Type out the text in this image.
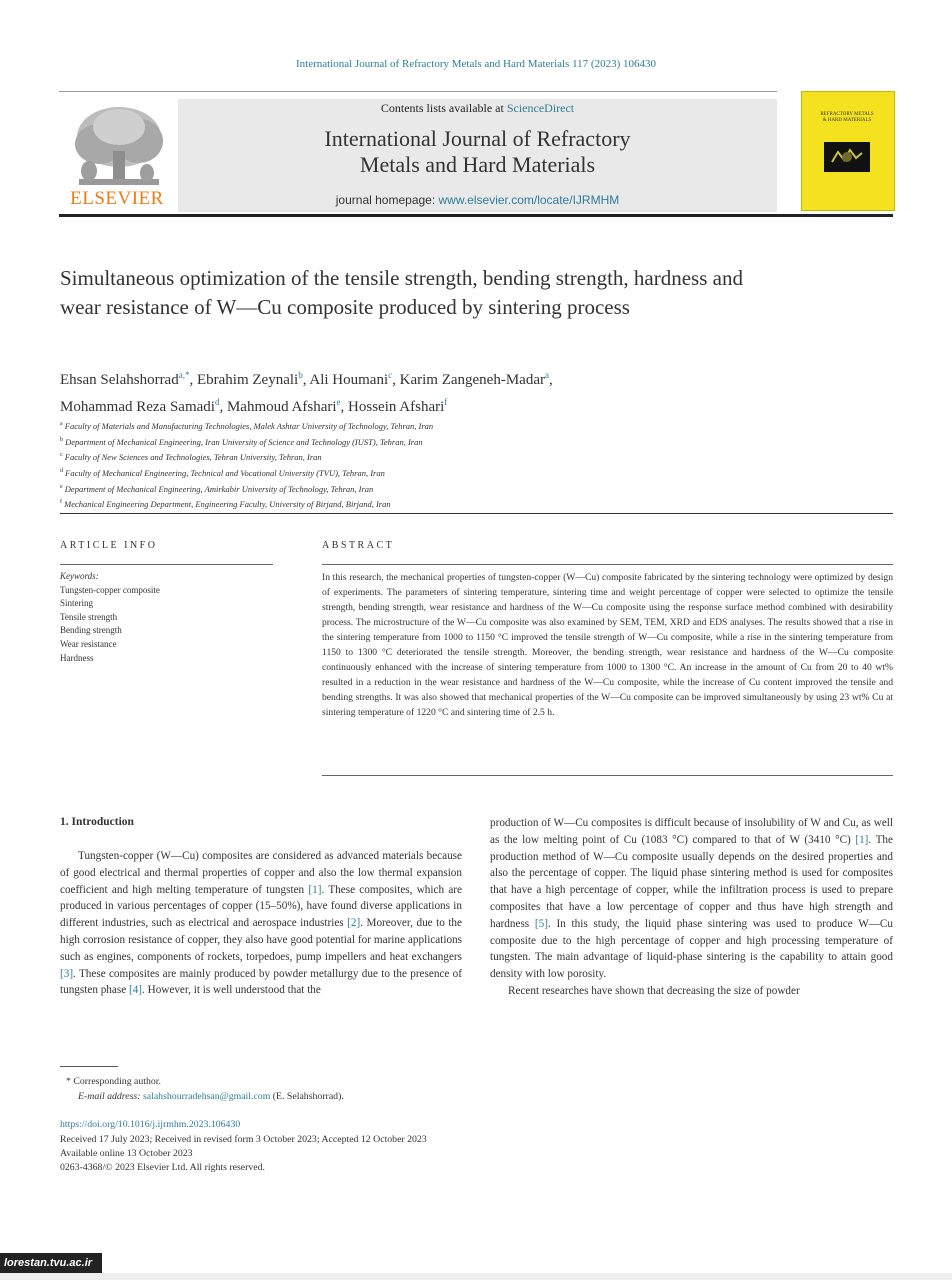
International Journal of Refractory Metals and Hard Materials 117 (2023) 106430
ELSEVIER
Contents lists available at ScienceDirect
International Journal of Refractory
Metals and Hard Materials
journal homepage: www.elsevier.com/locate/IJRMHM
REFRACTORY METALS
& HARD MATERIALS
Simultaneous optimization of the tensile strength, bending strength, hardness and wear resistance of W—Cu composite produced by sintering process
Ehsan Selahshorrad$^{a,*}$, Ebrahim Zeynali$^b$, Ali Houmani$^c$, Karim Zangeneh-Madar$^a$,
Mohammad Reza Samadi$^d$, Mahmoud Afshari$^e$, Hossein Afshari$^f$
$^a$ Faculty of Materials and Manufacturing Technologies, Malek Ashtar University of Technology, Tehran, Iran
$^b$ Department of Mechanical Engineering, Iran University of Science and Technology (IUST), Tehran, Iran
$^c$ Faculty of New Sciences and Technologies, Tehran University, Tehran, Iran
$^d$ Faculty of Mechanical Engineering, Technical and Vocational University (TVU), Tehran, Iran
$^e$ Department of Mechanical Engineering, Amirkabir University of Technology, Tehran, Iran
$^f$ Mechanical Engineering Department, Engineering Faculty, University of Birjand, Birjand, Iran
ARTICLE INFO	ABSTRACT
Keywords:
Tungsten-copper composite
Sintering
Tensile strength
Bending strength
Wear resistance
Hardness
In this research, the mechanical properties of tungsten-copper (W—Cu) composite fabricated by the sintering technology were optimized by design of experiments. The parameters of sintering temperature, sintering time and weight percentage of copper were selected to optimize the tensile strength, bending strength, wear resistance and hardness of the W—Cu composite using the response surface method combined with desirability process. The microstructure of the W—Cu composite was also examined by SEM, TEM, XRD and EDS analyses. The results showed that a rise in the sintering temperature from 1000 to 1150 °C improved the tensile strength of W—Cu composite, while a rise in the sintering temperature from 1150 to 1300 °C deteriorated the tensile strength. Moreover, the bending strength, wear resistance and hardness of the W—Cu composite continuously enhanced with the increase of sintering temperature from 1000 to 1300 °C. An increase in the amount of Cu from 20 to 40 wt% resulted in a reduction in the wear resistance and hardness of the W—Cu composite, while the increase of Cu content improved the tensile and bending strengths. It was also showed that mechanical properties of the W—Cu composite can be improved simultaneously by using 23 wt% Cu at sintering temperature of 1220 °C and sintering time of 2.5 h.
1. Introduction

Tungsten-copper (W—Cu) composites are considered as advanced materials because of good electrical and thermal properties of copper and also the low thermal expansion coefficient and high melting temperature of tungsten [1]. These composites, which are produced in various percentages of copper (15–50%), have found diverse applications in different industries, such as electrical and aerospace industries [2]. Moreover, due to the high corrosion resistance of copper, they also have good potential for marine applications such as engines, components of rockets, torpedoes, pump impellers and heat exchangers [3]. These composites are mainly produced by powder metallurgy due to the presence of tungsten phase [4]. However, it is well understood that the

production of W—Cu composites is difficult because of insolubility of W and Cu, as well as the low melting point of Cu (1083 °C) compared to that of W (3410 °C) [1]. The production method of W—Cu composite usually depends on the desired properties and also the percentage of copper. The liquid phase sintering method is used for composites that have a high percentage of copper, while the infiltration process is used to prepare composites that have a low percentage of copper and thus have high strength and hardness [5]. In this study, the liquid phase sintering was used to produce W—Cu composite due to the high percentage of copper and high processing temperature of tungsten. The main advantage of liquid-phase sintering is the capability to attain good density with low porosity.

Recent researches have shown that decreasing the size of powder

* Corresponding author.
E-mail address: salahshourradehsan@gmail.com (E. Selahshorrad).
https://doi.org/10.1016/j.ijrmhm.2023.106430
Received 17 July 2023; Received in revised form 3 October 2023; Accepted 12 October 2023
Available online 13 October 2023
0263-4368/© 2023 Elsevier Ltd. All rights reserved.
lorestan.tvu.ac.ir
